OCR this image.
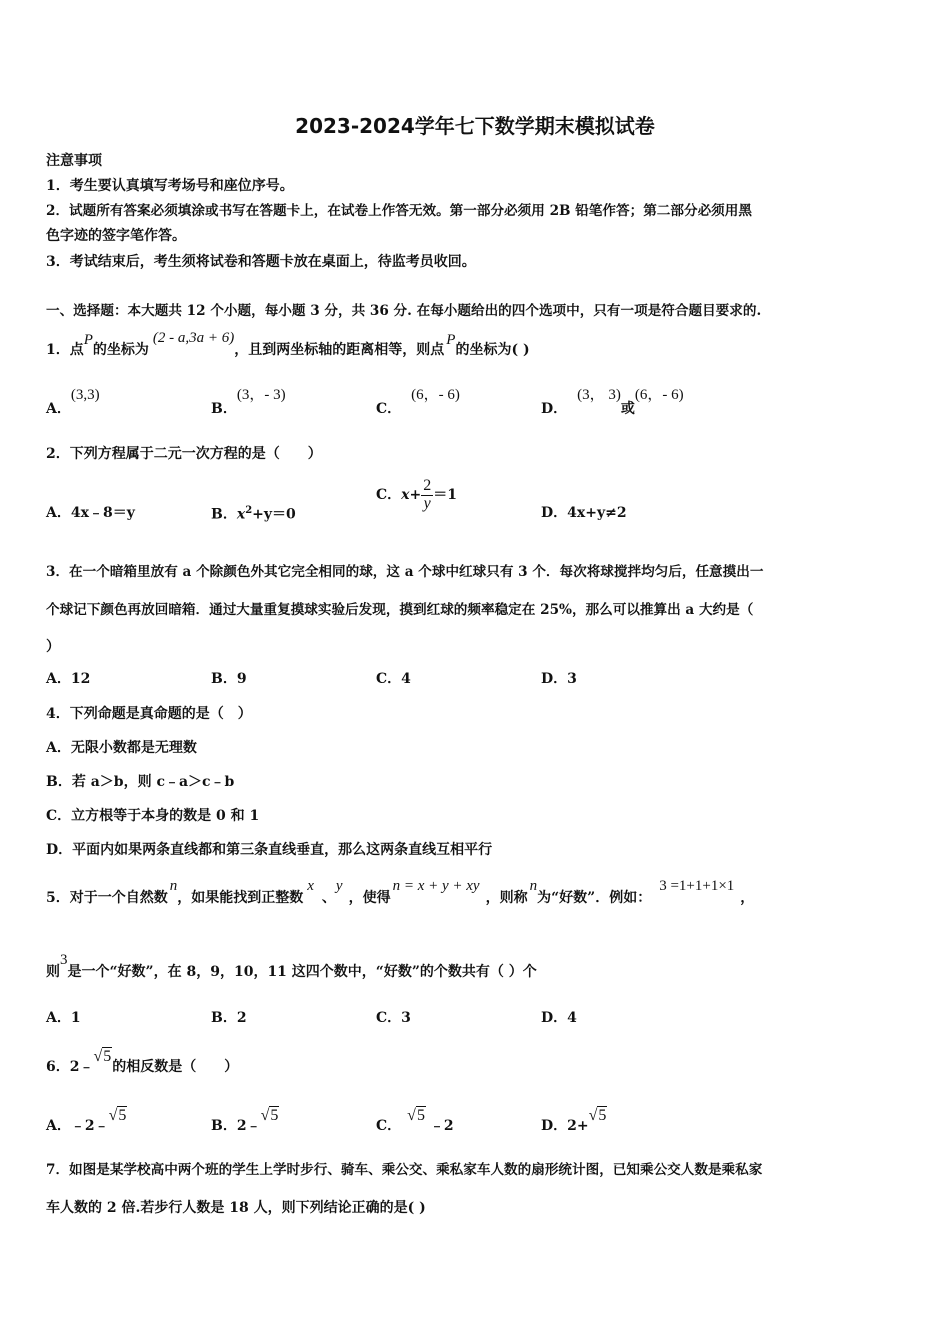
2023-2024学年七下数学期末模拟试卷
注意事项
1．考生要认真填写考场号和座位序号。
2．试题所有答案必须填涂或书写在答题卡上，在试卷上作答无效。第一部分必须用 2B 铅笔作答；第二部分必须用黑
色字迹的签字笔作答。
3．考试结束后，考生须将试卷和答题卡放在桌面上，待监考员收回。
一、选择题：本大题共 12 个小题，每小题 3 分，共 36 分. 在每小题给出的四个选项中，只有一项是符合题目要求的.
1．点P的坐标为(2 - a,3a + 6)，且到两坐标轴的距离相等，则点P的坐标为( )
A．(3,3)
B．(3，- 3)
C．(6，- 6)
D．(3， 3)或(6，- 6)
2．下列方程属于二元一次方程的是（　　）
A．4x﹣8＝y	B．$x^2+y=0$
C．$x+ \frac{2}{y} =1$
D．4x+y≠2
3．在一个暗箱里放有 a 个除颜色外其它完全相同的球，这 a 个球中红球只有 3 个．每次将球搅拌均匀后，任意摸出一
个球记下颜色再放回暗箱．通过大量重复摸球实验后发现，摸到红球的频率稳定在 25%，那么可以推算出 a 大约是（
）
A．12	B．9	C．4	D．3
4．下列命题是真命题的是（　）
A．无限小数都是无理数
B．若 a＞b，则 c﹣a＞c﹣b
C．立方根等于本身的数是 0 和 1
D．平面内如果两条直线都和第三条直线垂直，那么这两条直线互相平行
5．对于一个自然数n，如果能找到正整数x、y，使得n = x + y + xy，则称n为“好数”．例如：3 =1+1+1×1，
则3是一个“好数”，在 8，9，10，11 这四个数中，“好数”的个数共有（ ）个
A．1	B．2	C．3	D．4
6．2﹣√5的相反数是（　　）
A．﹣2﹣√5
B．2﹣√5
C．√5﹣2	D．2+√5
7．如图是某学校高中两个班的学生上学时步行、骑车、乘公交、乘私家车人数的扇形统计图，已知乘公交人数是乘私家
车人数的 2 倍.若步行人数是 18 人，则下列结论正确的是( )
